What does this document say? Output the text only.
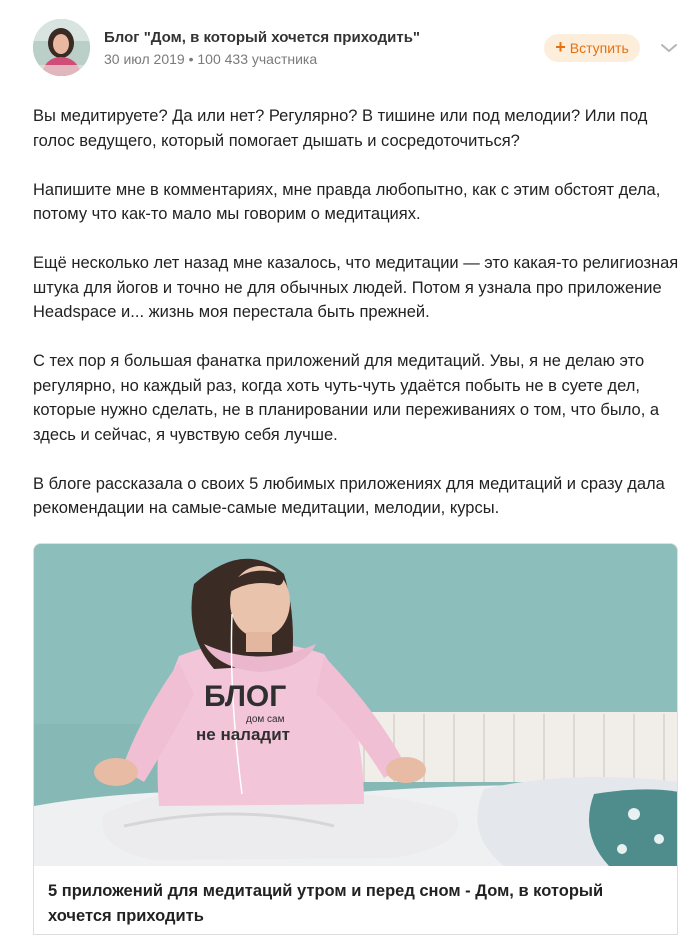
Блог "Дом, в который хочется приходить"
30 июл 2019 • 100 433 участника
+ Вступить

Вы медитируете? Да или нет? Регулярно? В тишине или под мелодии? Или под голос ведущего, который помогает дышать и сосредоточиться?

Напишите мне в комментариях, мне правда любопытно, как с этим обстоят дела, потому что как-то мало мы говорим о медитациях.

Ещё несколько лет назад мне казалось, что медитации — это какая-то религиозная штука для йогов и точно не для обычных людей. Потом я узнала про приложение Headspace и... жизнь моя перестала быть прежней.

С тех пор я большая фанатка приложений для медитаций. Увы, я не делаю это регулярно, но каждый раз, когда хоть чуть-чуть удаётся побыть не в суете дел, которые нужно сделать, не в планировании или переживаниях о том, что было, а здесь и сейчас, я чувствую себя лучше.

В блоге рассказала о своих 5 любимых приложениях для медитаций и сразу дала рекомендации на самые-самые медитации, мелодии, курсы.

БЛОГ
дом сам
не наладит
5 приложений для медитаций утром и перед сном - Дом, в который хочется приходить
